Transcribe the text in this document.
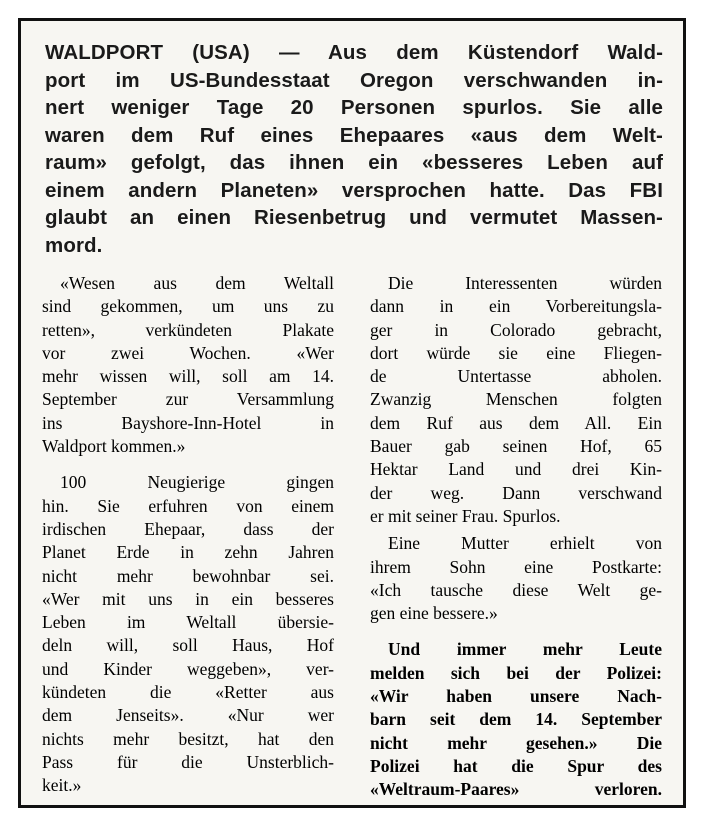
WALDPORT (USA) — Aus dem Küstendorf Wald-
port im US-Bundesstaat Oregon verschwanden in-
nert weniger Tage 20 Personen spurlos. Sie alle
waren dem Ruf eines Ehepaares «aus dem Welt-
raum» gefolgt, das ihnen ein «besseres Leben auf
einem andern Planeten» versprochen hatte. Das FBI
glaubt an einen Riesenbetrug und vermutet Massen-
mord.

«Wesen aus dem Weltall
sind gekommen, um uns zu
retten», verkündeten Plakate
vor zwei Wochen. «Wer
mehr wissen will, soll am 14.
September zur Versammlung
ins Bayshore-Inn-Hotel in
Waldport kommen.»

100 Neugierige gingen
hin. Sie erfuhren von einem
irdischen Ehepaar, dass der
Planet Erde in zehn Jahren
nicht mehr bewohnbar sei.
«Wer mit uns in ein besseres
Leben im Weltall übersie-
deln will, soll Haus, Hof
und Kinder weggeben», ver-
kündeten die «Retter aus
dem Jenseits». «Nur wer
nichts mehr besitzt, hat den
Pass für die Unsterblich-
keit.»

Die Interessenten würden
dann in ein Vorbereitungsla-
ger in Colorado gebracht,
dort würde sie eine Fliegen-
de Untertasse abholen.
Zwanzig Menschen folgten
dem Ruf aus dem All. Ein
Bauer gab seinen Hof, 65
Hektar Land und drei Kin-
der weg. Dann verschwand
er mit seiner Frau. Spurlos.

Eine Mutter erhielt von
ihrem Sohn eine Postkarte:
«Ich tausche diese Welt ge-
gen eine bessere.»

Und immer mehr Leute
melden sich bei der Polizei:
«Wir haben unsere Nach-
barn seit dem 14. September
nicht mehr gesehen.» Die
Polizei hat die Spur des
«Weltraum-Paares» verloren.
